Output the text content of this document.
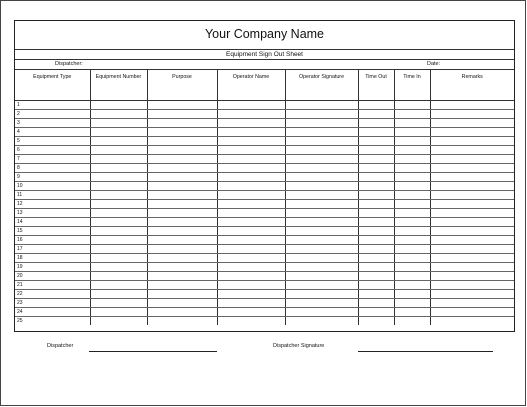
Your Company Name
Equipment Sign Out Sheet
Dispatcher:	Date:
Equipment Type	Equipment Number	Purpose	Operator Name	Operator Signature	Time Out	Time In	Remarks
1							
2							
3							
4							
5							
6							
7							
8							
9							
10							
11							
12							
13							
14							
15							
16							
17							
18							
19							
20							
21							
22							
23							
24							
25							
Dispatcher	Dispatcher Signature
